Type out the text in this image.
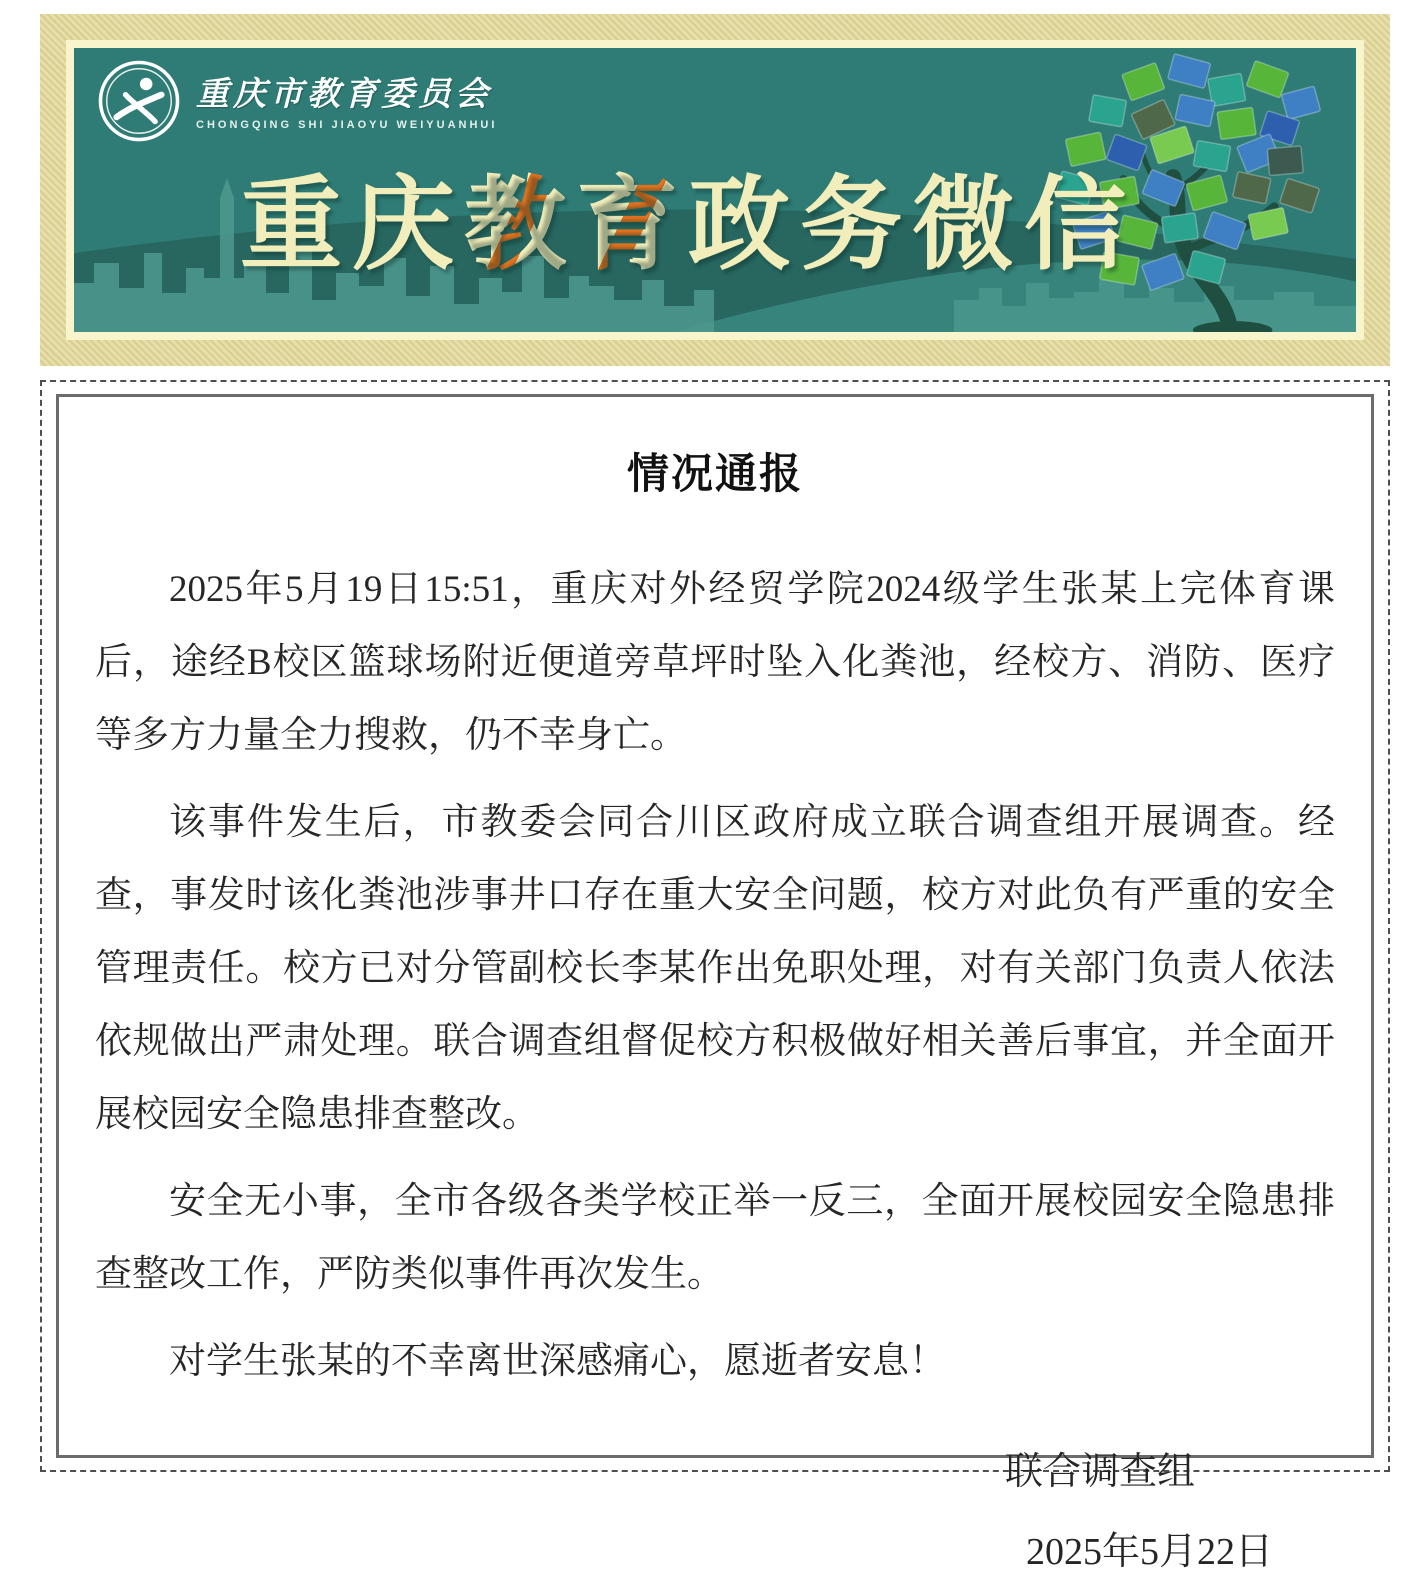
重庆市教育委员会
CHONGQING SHI JIAOYU WEIYUANHUI
重庆教育政务微信
情况通报

2025年5月19日15:51，重庆对外经贸学院2024级学生张某上完体育课后，途经B校区篮球场附近便道旁草坪时坠入化粪池，经校方、消防、医疗等多方力量全力搜救，仍不幸身亡。

该事件发生后，市教委会同合川区政府成立联合调查组开展调查。经查，事发时该化粪池涉事井口存在重大安全问题，校方对此负有严重的安全管理责任。校方已对分管副校长李某作出免职处理，对有关部门负责人依法依规做出严肃处理。联合调查组督促校方积极做好相关善后事宜，并全面开展校园安全隐患排查整改。

安全无小事，全市各级各类学校正举一反三，全面开展校园安全隐患排查整改工作，严防类似事件再次发生。

对学生张某的不幸离世深感痛心，愿逝者安息！

联合调查组
2025年5月22日
